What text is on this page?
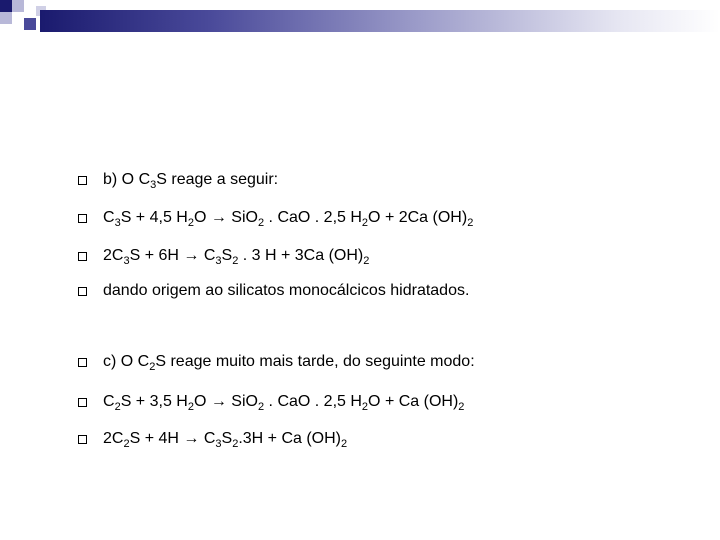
b) O $C_3S$ reage a seguir:
$C_3S + 4,5$ $H_2O \to SiO_2$ . CaO . 2,5 $H_2O + 2Ca$ $(OH)_2$
$2C_3S + 6H \to C_3S_2$ . 3 H + 3Ca $(OH)_2$
dando origem ao silicatos monocálcicos hidratados.
c) O $C_2S$ reage muito mais tarde, do seguinte modo:
$C_2S + 3,5$ $H_2O \to SiO_2$ . CaO . 2,5 $H_2O + Ca$ $(OH)_2$
$2C_2S + 4H \to C_3S_2.3H + Ca$ $(OH)_2$
